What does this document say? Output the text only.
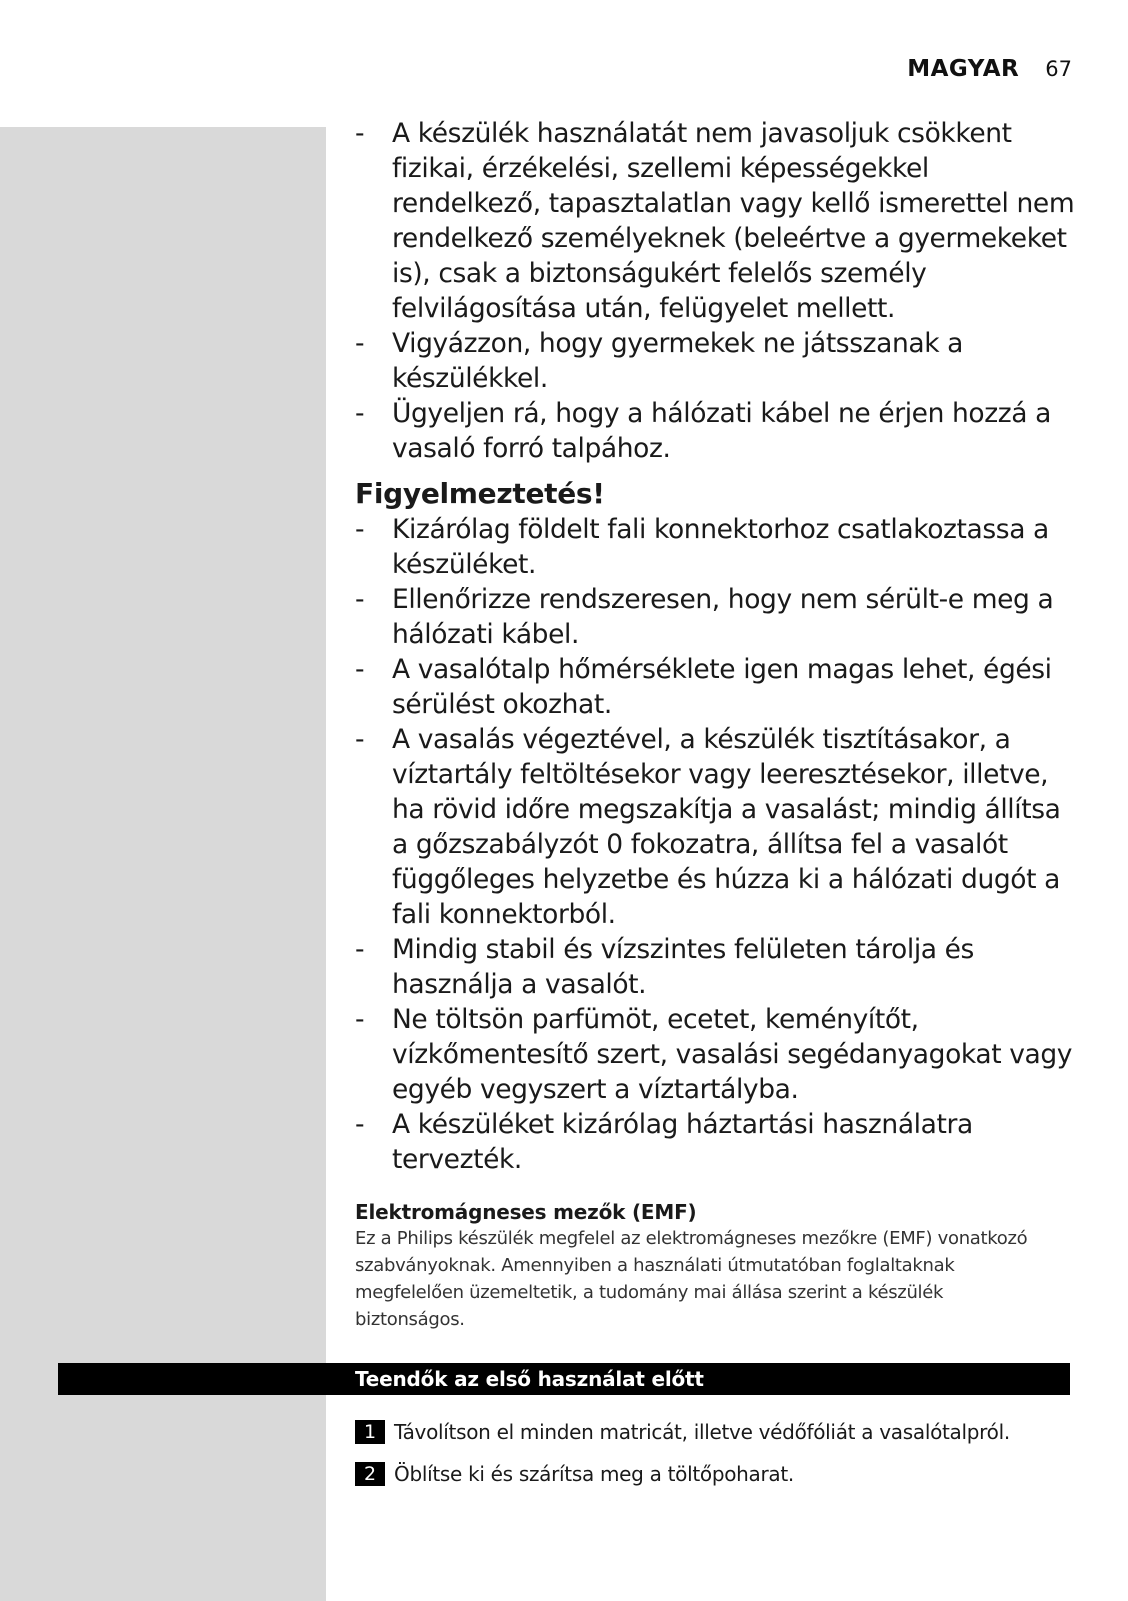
MAGYAR 67
- A készülék használatát nem javasoljuk csökkent fizikai, érzékelési, szellemi képességekkel rendelkező, tapasztalatlan vagy kellő ismerettel nem rendelkező személyeknek (beleértve a gyermekeket is), csak a biztonságukért felelős személy felvilágosítása után, felügyelet mellett.
- Vigyázzon, hogy gyermekek ne játsszanak a készülékkel.
- Ügyeljen rá, hogy a hálózati kábel ne érjen hozzá a vasaló forró talpához.
Figyelmeztetés!
- Kizárólag földelt fali konnektorhoz csatlakoztassa a készüléket.
- Ellenőrizze rendszeresen, hogy nem sérült-e meg a hálózati kábel.
- A vasalótalp hőmérséklete igen magas lehet, égési sérülést okozhat.
- A vasalás végeztével, a készülék tisztításakor, a víztartály feltöltésekor vagy leeresztésekor, illetve, ha rövid időre megszakítja a vasalást; mindig állítsa a gőzszabályzót 0 fokozatra, állítsa fel a vasalót függőleges helyzetbe és húzza ki a hálózati dugót a fali konnektorból.
- Mindig stabil és vízszintes felületen tárolja és használja a vasalót.
- Ne töltsön parfümöt, ecetet, keményítőt, vízkőmentesítő szert, vasalási segédanyagokat vagy egyéb vegyszert a víztartályba.
- A készüléket kizárólag háztartási használatra tervezték.
Elektromágneses mezők (EMF)
Ez a Philips készülék megfelel az elektromágneses mezőkre (EMF) vonatkozó szabványoknak. Amennyiben a használati útmutatóban foglaltaknak megfelelően üzemeltetik, a tudomány mai állása szerint a készülék biztonságos.
Teendők az első használat előtt
1 Távolítson el minden matricát, illetve védőfóliát a vasalótalpról.
2 Öblítse ki és szárítsa meg a töltőpoharat.
